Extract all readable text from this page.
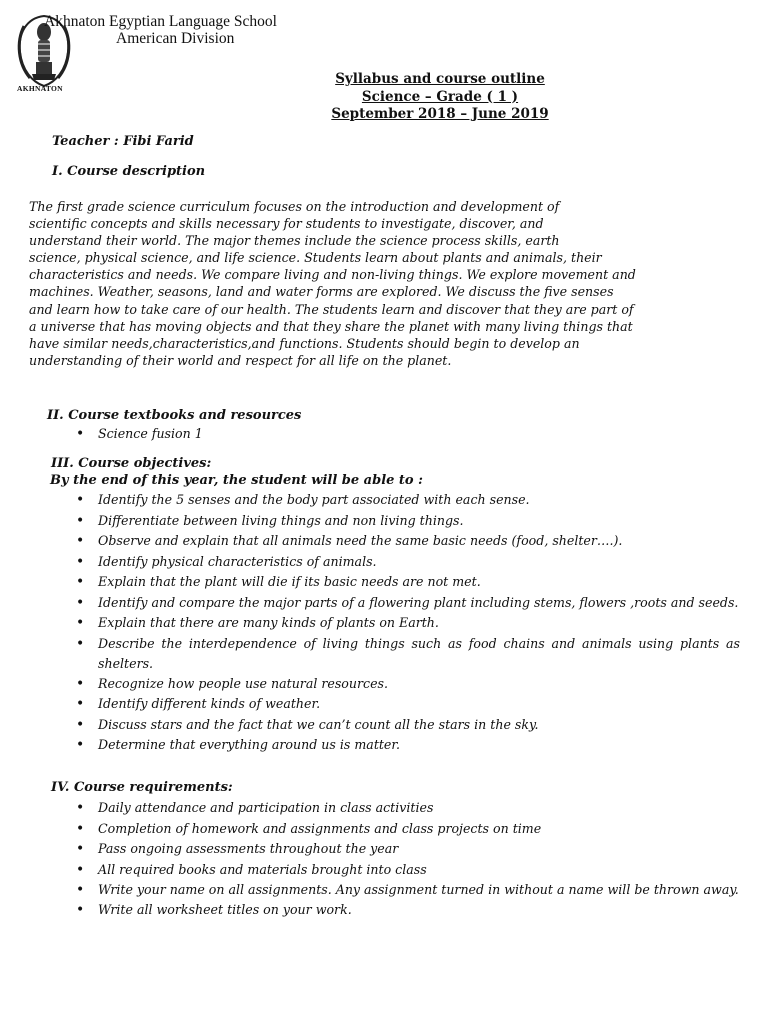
AKHNATON
Akhnaton Egyptian Language School
American Division
Syllabus and course outline
Science – Grade ( 1 )
September 2018 – June 2019
Teacher : Fibi Farid
I. Course description
The first grade science curriculum focuses on the introduction and development of
scientific concepts and skills necessary for students to investigate, discover, and
understand their world. The major themes include the science process skills, earth
science, physical science, and life science. Students learn about plants and animals, their
characteristics and needs. We compare living and non-living things. We explore movement and
machines. Weather, seasons, land and water forms are explored. We discuss the five senses
and learn how to take care of our health. The students learn and discover that they are part of
a universe that has moving objects and that they share the planet with many living things that
have similar needs,characteristics,and functions. Students should begin to develop an
understanding of their world and respect for all life on the planet.
II. Course textbooks and resources
• Science fusion 1
III. Course objectives:
By the end of this year, the student will be able to :
• Identify the 5 senses and the body part associated with each sense.
• Differentiate between living things and non living things.
• Observe and explain that all animals need the same basic needs (food, shelter….).
• Identify physical characteristics of animals.
• Explain that the plant will die if its basic needs are not met.
• Identify and compare the major parts of a flowering plant including stems, flowers ,roots and seeds.
• Explain that there are many kinds of plants on Earth.
• Describe the interdependence of living things such as food chains and animals using plants as shelters.
• Recognize how people use natural resources.
• Identify different kinds of weather.
• Discuss stars and the fact that we can’t count all the stars in the sky.
• Determine that everything around us is matter.
IV. Course requirements:
• Daily attendance and participation in class activities
• Completion of homework and assignments and class projects on time
• Pass ongoing assessments throughout the year
• All required books and materials brought into class
• Write your name on all assignments. Any assignment turned in without a name will be thrown away.
• Write all worksheet titles on your work.
